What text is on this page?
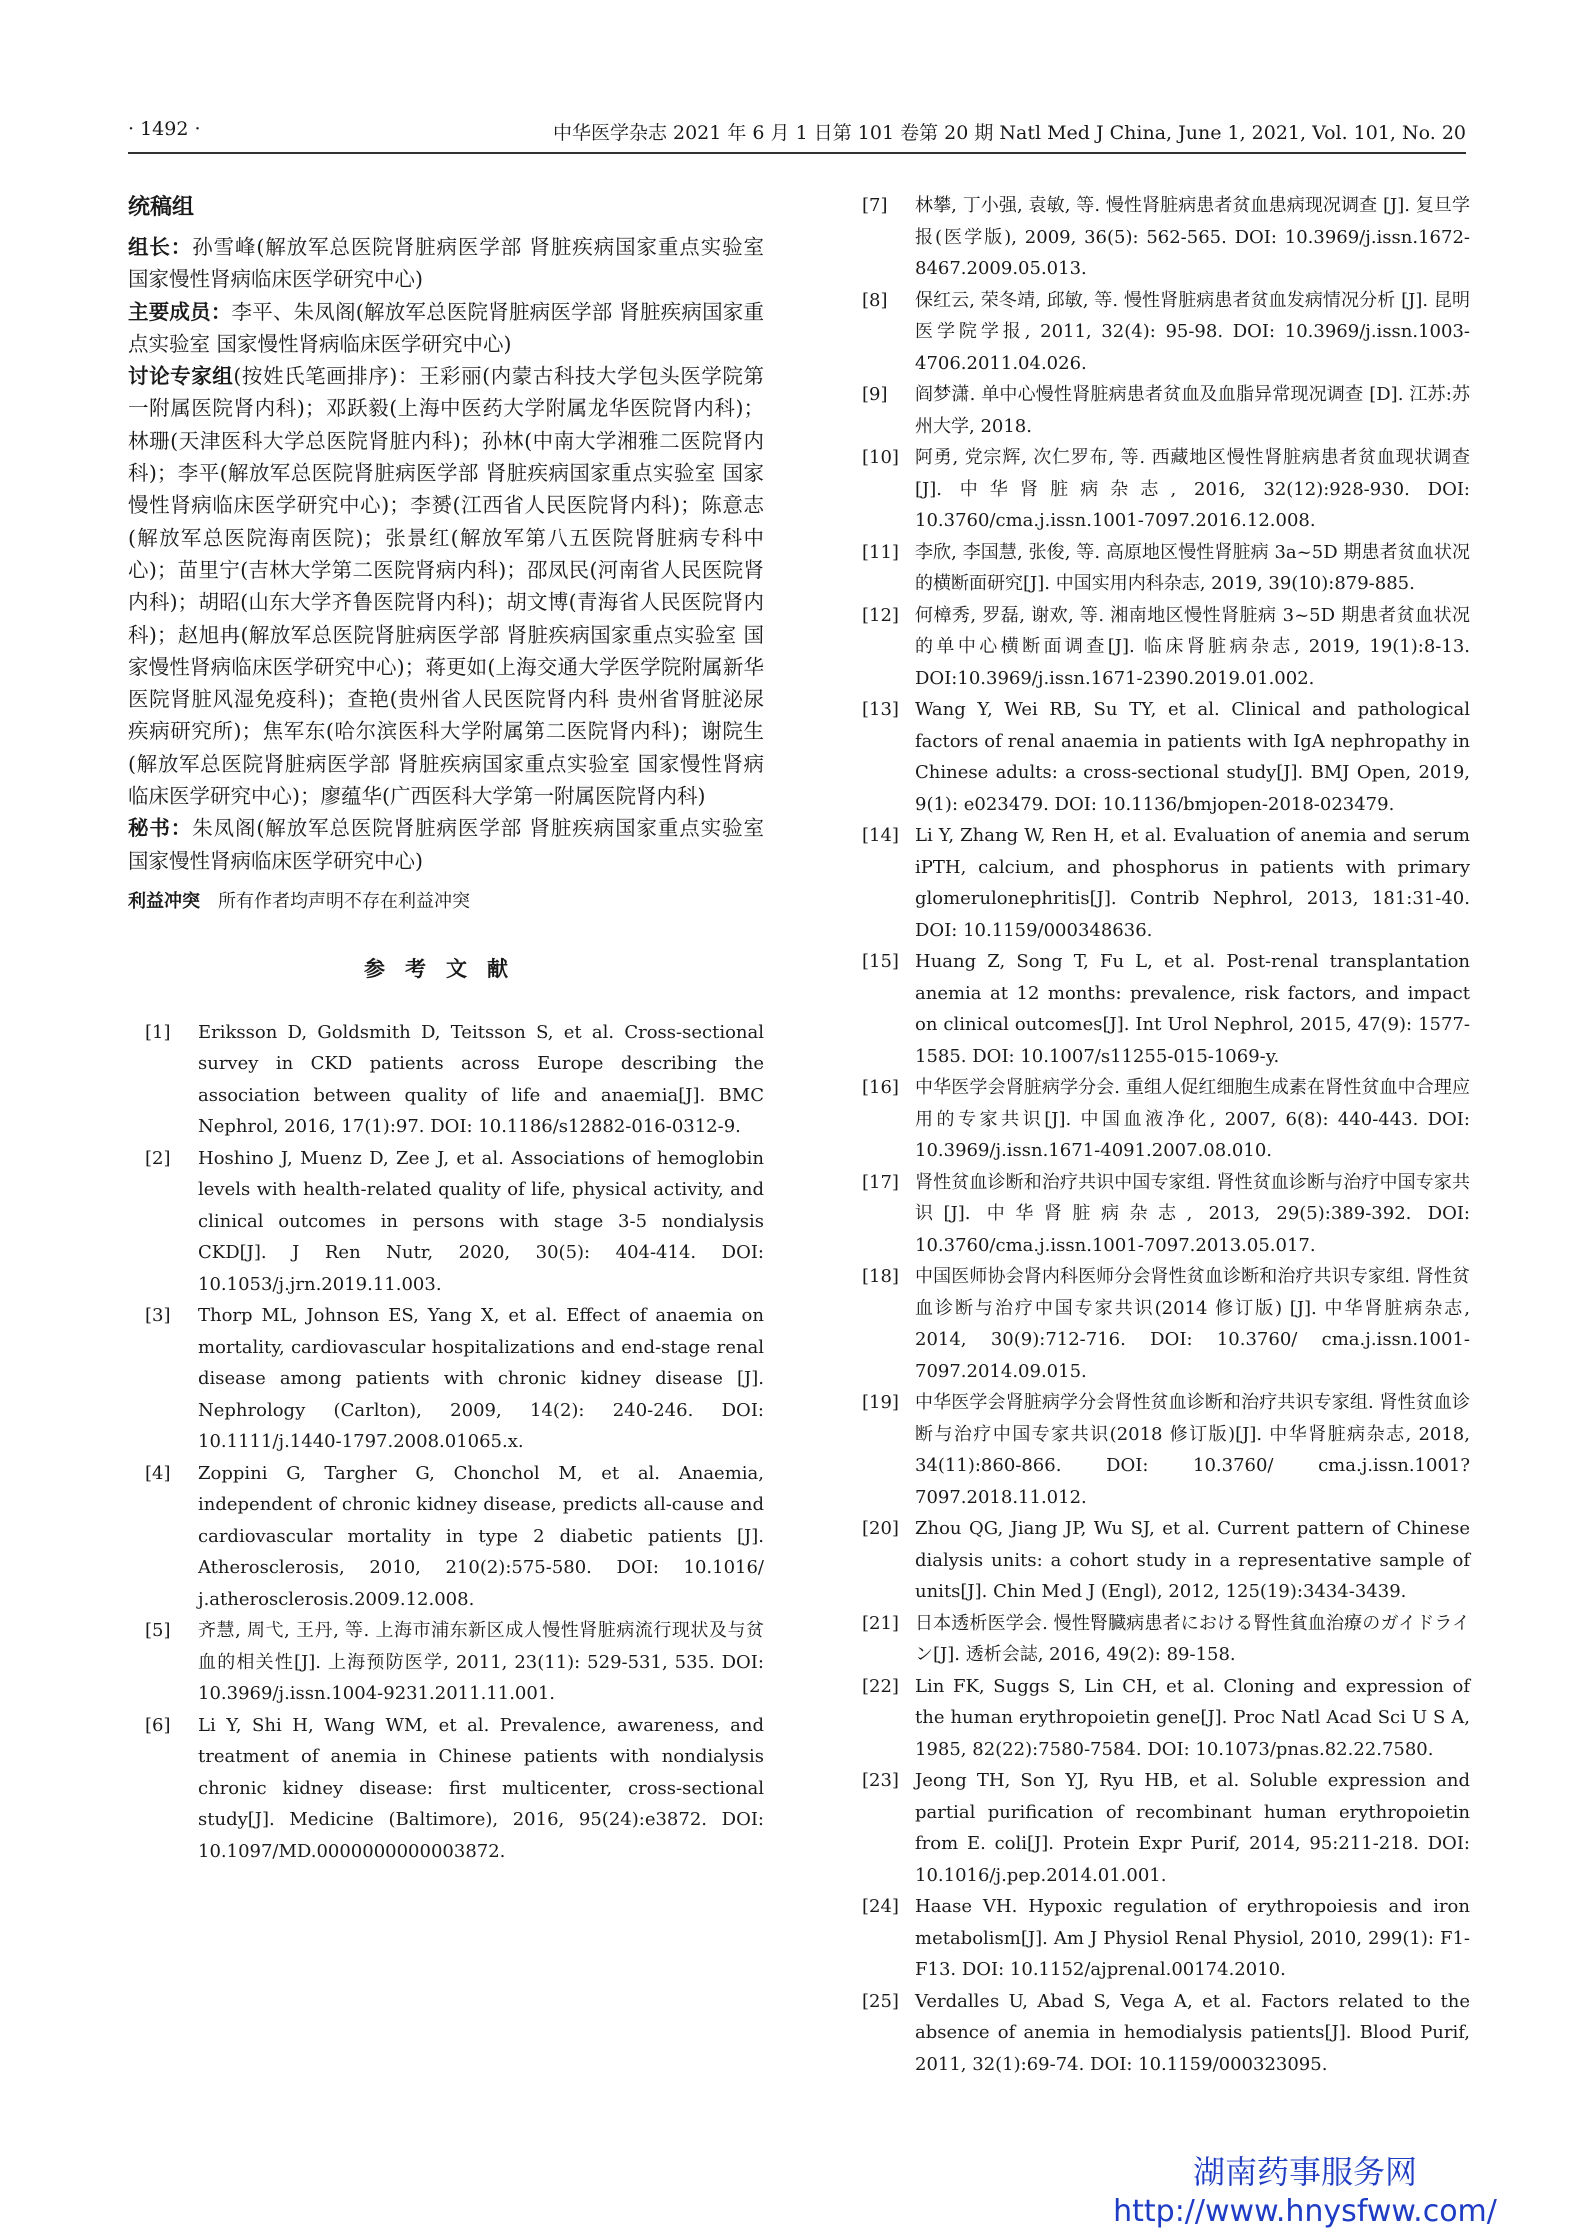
· 1492 ·	中华医学杂志 2021 年 6 月 1 日第 101 卷第 20 期 Natl Med J China, June 1, 2021, Vol. 101, No. 20
统稿组

组长：孙雪峰(解放军总医院肾脏病医学部 肾脏疾病国家重点实验室 国家慢性肾病临床医学研究中心)

主要成员：李平、朱凤阁(解放军总医院肾脏病医学部 肾脏疾病国家重点实验室 国家慢性肾病临床医学研究中心)

讨论专家组(按姓氏笔画排序)：王彩丽(内蒙古科技大学包头医学院第一附属医院肾内科)；邓跃毅(上海中医药大学附属龙华医院肾内科)；林珊(天津医科大学总医院肾脏内科)；孙林(中南大学湘雅二医院肾内科)；李平(解放军总医院肾脏病医学部 肾脏疾病国家重点实验室 国家慢性肾病临床医学研究中心)；李赟(江西省人民医院肾内科)；陈意志(解放军总医院海南医院)；张景红(解放军第八五医院肾脏病专科中心)；苗里宁(吉林大学第二医院肾病内科)；邵凤民(河南省人民医院肾内科)；胡昭(山东大学齐鲁医院肾内科)；胡文博(青海省人民医院肾内科)；赵旭冉(解放军总医院肾脏病医学部 肾脏疾病国家重点实验室 国家慢性肾病临床医学研究中心)；蒋更如(上海交通大学医学院附属新华医院肾脏风湿免疫科)；查艳(贵州省人民医院肾内科 贵州省肾脏泌尿疾病研究所)；焦军东(哈尔滨医科大学附属第二医院肾内科)；谢院生(解放军总医院肾脏病医学部 肾脏疾病国家重点实验室 国家慢性肾病临床医学研究中心)；廖蕴华(广西医科大学第一附属医院肾内科)

秘书：朱凤阁(解放军总医院肾脏病医学部 肾脏疾病国家重点实验室 国家慢性肾病临床医学研究中心)

利益冲突 所有作者均声明不存在利益冲突
参考文献
[1]	Eriksson D, Goldsmith D, Teitsson S, et al. Cross-sectional survey in CKD patients across Europe describing the association between quality of life and anaemia[J]. BMC Nephrol, 2016, 17(1):97. DOI: 10.1186/s12882-016-0312-9.
[2]	Hoshino J, Muenz D, Zee J, et al. Associations of hemoglobin levels with health-related quality of life, physical activity, and clinical outcomes in persons with stage 3-5 nondialysis CKD[J]. J Ren Nutr, 2020, 30(5): 404-414. DOI: 10.1053/j.jrn.2019.11.003.
[3]	Thorp ML, Johnson ES, Yang X, et al. Effect of anaemia on mortality, cardiovascular hospitalizations and end-stage renal disease among patients with chronic kidney disease [J]. Nephrology (Carlton), 2009, 14(2): 240-246. DOI: 10.1111/j.1440-1797.2008.01065.x.
[4]	Zoppini G, Targher G, Chonchol M, et al. Anaemia, independent of chronic kidney disease, predicts all-cause and cardiovascular mortality in type 2 diabetic patients [J]. Atherosclerosis, 2010, 210(2):575-580. DOI: 10.1016/ j.atherosclerosis.2009.12.008.
[5]	齐慧, 周弋, 王丹, 等. 上海市浦东新区成人慢性肾脏病流行现状及与贫血的相关性[J]. 上海预防医学, 2011, 23(11): 529-531, 535. DOI: 10.3969/j.issn.1004-9231.2011.11.001.
[6]	Li Y, Shi H, Wang WM, et al. Prevalence, awareness, and treatment of anemia in Chinese patients with nondialysis chronic kidney disease: first multicenter, cross-sectional study[J]. Medicine (Baltimore), 2016, 95(24):e3872. DOI: 10.1097/MD.0000000000003872.
[7]	林攀, 丁小强, 袁敏, 等. 慢性肾脏病患者贫血患病现况调查 [J]. 复旦学报(医学版), 2009, 36(5): 562-565. DOI: 10.3969/j.issn.1672-8467.2009.05.013.
[8]	保红云, 荣冬靖, 邱敏, 等. 慢性肾脏病患者贫血发病情况分析 [J]. 昆明医学院学报, 2011, 32(4): 95-98. DOI: 10.3969/j.issn.1003-4706.2011.04.026.
[9]	阎梦潇. 单中心慢性肾脏病患者贫血及血脂异常现况调查 [D]. 江苏:苏州大学, 2018.
[10] 阿勇, 党宗辉, 次仁罗布, 等. 西藏地区慢性肾脏病患者贫血现状调查[J]. 中华肾脏病杂志, 2016, 32(12):928-930. DOI: 10.3760/cma.j.issn.1001-7097.2016.12.008.
[11] 李欣, 李国慧, 张俊, 等. 高原地区慢性肾脏病 3a~5D 期患者贫血状况的横断面研究[J]. 中国实用内科杂志, 2019, 39(10):879-885.
[12] 何樟秀, 罗磊, 谢欢, 等. 湘南地区慢性肾脏病 3~5D 期患者贫血状况的单中心横断面调查[J]. 临床肾脏病杂志, 2019, 19(1):8-13. DOI:10.3969/j.issn.1671-2390.2019.01.002.
[13] Wang Y, Wei RB, Su TY, et al. Clinical and pathological factors of renal anaemia in patients with IgA nephropathy in Chinese adults: a cross-sectional study[J]. BMJ Open, 2019, 9(1): e023479. DOI: 10.1136/bmjopen-2018-023479.
[14] Li Y, Zhang W, Ren H, et al. Evaluation of anemia and serum iPTH, calcium, and phosphorus in patients with primary glomerulonephritis[J]. Contrib Nephrol, 2013, 181:31-40. DOI: 10.1159/000348636.
[15] Huang Z, Song T, Fu L, et al. Post-renal transplantation anemia at 12 months: prevalence, risk factors, and impact on clinical outcomes[J]. Int Urol Nephrol, 2015, 47(9): 1577-1585. DOI: 10.1007/s11255-015-1069-y.
[16] 中华医学会肾脏病学分会. 重组人促红细胞生成素在肾性贫血中合理应用的专家共识[J]. 中国血液净化, 2007, 6(8): 440-443. DOI: 10.3969/j.issn.1671-4091.2007.08.010.
[17] 肾性贫血诊断和治疗共识中国专家组. 肾性贫血诊断与治疗中国专家共识[J]. 中华肾脏病杂志, 2013, 29(5):389-392. DOI: 10.3760/cma.j.issn.1001-7097.2013.05.017.
[18] 中国医师协会肾内科医师分会肾性贫血诊断和治疗共识专家组. 肾性贫血诊断与治疗中国专家共识(2014 修订版) [J]. 中华肾脏病杂志, 2014, 30(9):712-716. DOI: 10.3760/ cma.j.issn.1001-7097.2014.09.015.
[19] 中华医学会肾脏病学分会肾性贫血诊断和治疗共识专家组. 肾性贫血诊断与治疗中国专家共识(2018 修订版)[J]. 中华肾脏病杂志, 2018, 34(11):860-866. DOI: 10.3760/ cma.j.issn.1001?7097.2018.11.012.
[20] Zhou QG, Jiang JP, Wu SJ, et al. Current pattern of Chinese dialysis units: a cohort study in a representative sample of units[J]. Chin Med J (Engl), 2012, 125(19):3434-3439.
[21] 日本透析医学会. 慢性腎臓病患者における腎性貧血治療のガイドライン[J]. 透析会誌, 2016, 49(2): 89-158.
[22] Lin FK, Suggs S, Lin CH, et al. Cloning and expression of the human erythropoietin gene[J]. Proc Natl Acad Sci U S A, 1985, 82(22):7580-7584. DOI: 10.1073/pnas.82.22.7580.
[23] Jeong TH, Son YJ, Ryu HB, et al. Soluble expression and partial purification of recombinant human erythropoietin from E. coli[J]. Protein Expr Purif, 2014, 95:211-218. DOI: 10.1016/j.pep.2014.01.001.
[24] Haase VH. Hypoxic regulation of erythropoiesis and iron metabolism[J]. Am J Physiol Renal Physiol, 2010, 299(1): F1-F13. DOI: 10.1152/ajprenal.00174.2010.
[25] Verdalles U, Abad S, Vega A, et al. Factors related to the absence of anemia in hemodialysis patients[J]. Blood Purif, 2011, 32(1):69-74. DOI: 10.1159/000323095.
湖南药事服务网
http://www.hnysfww.com/
